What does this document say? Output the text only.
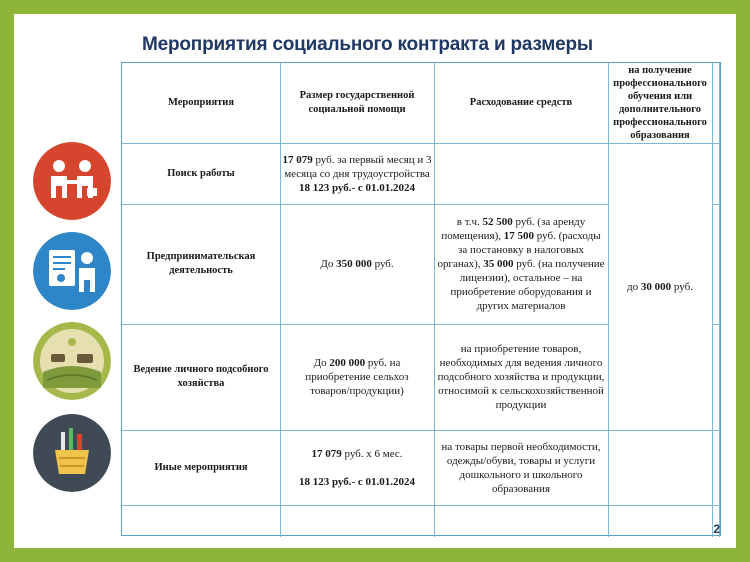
Мероприятия социального контракта и размеры
Мероприятия
Размер государственной социальной помощи
Расходование средств
на получение профессионального обучения или дополнительного профессионального образования
Поиск работы
17 079 руб. за первый месяц и 3 месяца со дня трудоустройства
18 123 руб.- с 01.01.2024
Предпринимательская деятельность
До 350 000 руб.
в т.ч. 52 500 руб. (за аренду помещения), 17 500 руб. (расходы за постановку в налоговых органах), 35 000 руб. (на получение лицензии), остальное – на приобретение оборудования и других материалов
Ведение личного подсобного хозяйства
До 200 000 руб. на приобретение сельхоз товаров/продукции)
на приобретение товаров, необходимых для ведения личного подсобного хозяйства и продукции, относимой к сельскохозяйственной продукции
до 30 000 руб.
Иные мероприятия
17 079 руб. х 6 мес.

18 123 руб.- с 01.01.2024
на товары первой необходимости, одежды/обуви, товары и услуги дошкольного и школьного образования
2
